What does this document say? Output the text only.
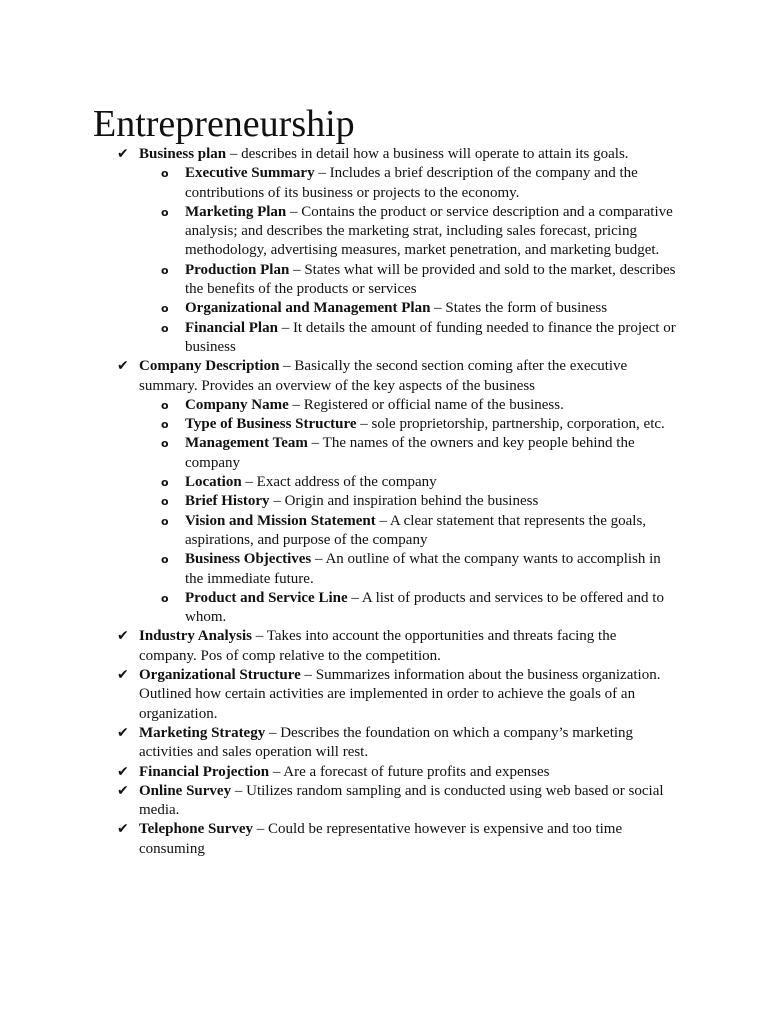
Entrepreneurship
✔ Business plan – describes in detail how a business will operate to attain its goals.
o	Executive Summary – Includes a brief description of the company and the contributions of its business or projects to the economy.
o	Marketing Plan – Contains the product or service description and a comparative analysis; and describes the marketing strat, including sales forecast, pricing methodology, advertising measures, market penetration, and marketing budget.
o	Production Plan – States what will be provided and sold to the market, describes the benefits of the products or services
o	Organizational and Management Plan – States the form of business
o	Financial Plan – It details the amount of funding needed to finance the project or business
✔ Company Description – Basically the second section coming after the executive summary. Provides an overview of the key aspects of the business
o	Company Name – Registered or official name of the business.
o	Type of Business Structure – sole proprietorship, partnership, corporation, etc.
o	Management Team – The names of the owners and key people behind the company
o	Location – Exact address of the company
o	Brief History – Origin and inspiration behind the business
o	Vision and Mission Statement – A clear statement that represents the goals, aspirations, and purpose of the company
o	Business Objectives – An outline of what the company wants to accomplish in the immediate future.
o	Product and Service Line – A list of products and services to be offered and to whom.
✔ Industry Analysis – Takes into account the opportunities and threats facing the company. Pos of comp relative to the competition.
✔ Organizational Structure – Summarizes information about the business organization. Outlined how certain activities are implemented in order to achieve the goals of an organization.
✔ Marketing Strategy – Describes the foundation on which a company’s marketing activities and sales operation will rest.
✔ Financial Projection – Are a forecast of future profits and expenses
✔ Online Survey – Utilizes random sampling and is conducted using web based or social media.
✔ Telephone Survey – Could be representative however is expensive and too time consuming
